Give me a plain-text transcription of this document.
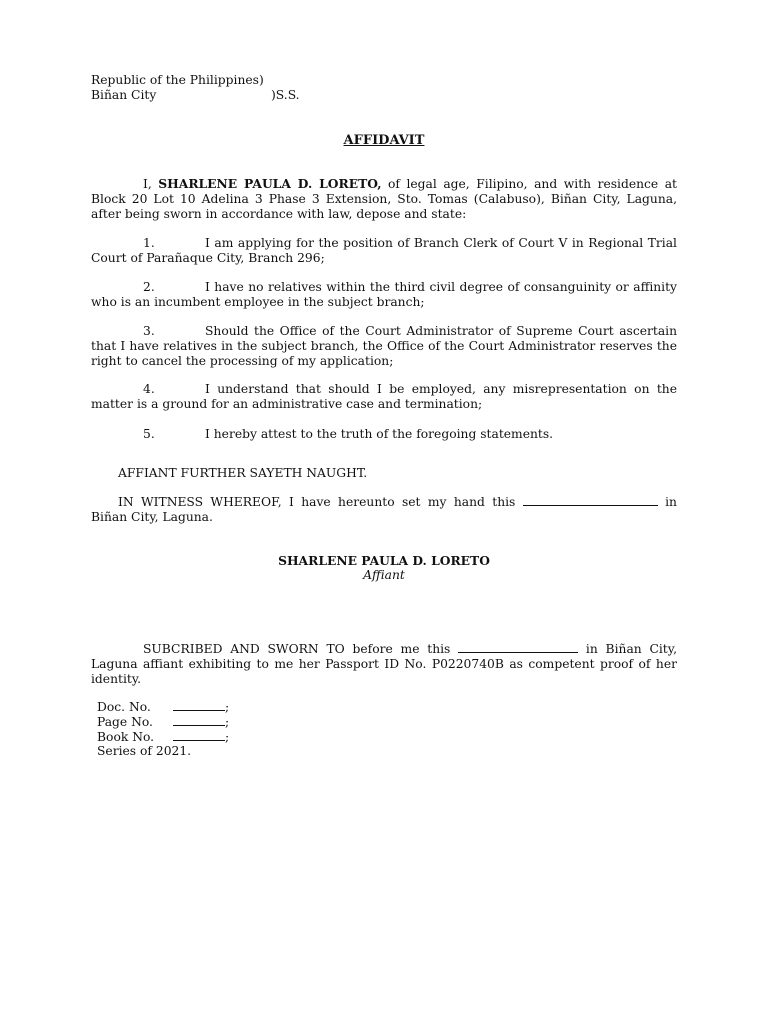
Republic of the Philippines)
Biñan City	)S.S.
AFFIDAVIT
I, SHARLENE PAULA D. LORETO, of legal age, Filipino, and with residence at Block 20 Lot 10 Adelina 3 Phase 3 Extension, Sto. Tomas (Calabuso), Biñan City, Laguna, after being sworn in accordance with law, depose and state:
1.	I am applying for the position of Branch Clerk of Court V in Regional Trial Court of Parañaque City, Branch 296;
2.	I have no relatives within the third civil degree of consanguinity or affinity who is an incumbent employee in the subject branch;
3.	Should the Office of the Court Administrator of Supreme Court ascertain that I have relatives in the subject branch, the Office of the Court Administrator reserves the right to cancel the processing of my application;
4.	I understand that should I be employed, any misrepresentation on the matter is a ground for an administrative case and termination;
5.	I hereby attest to the truth of the foregoing statements.
AFFIANT FURTHER SAYETH NAUGHT.
IN WITNESS WHEREOF, I have hereunto set my hand this	in Biñan City, Laguna.
SHARLENE PAULA D. LORETO
Affiant
SUBCRIBED AND SWORN TO before me this	in Biñan City, Laguna affiant exhibiting to me her Passport ID No. P0220740B as competent proof of her identity.
Doc. No.	;
Page No.	;
Book No.	;
Series of 2021.
